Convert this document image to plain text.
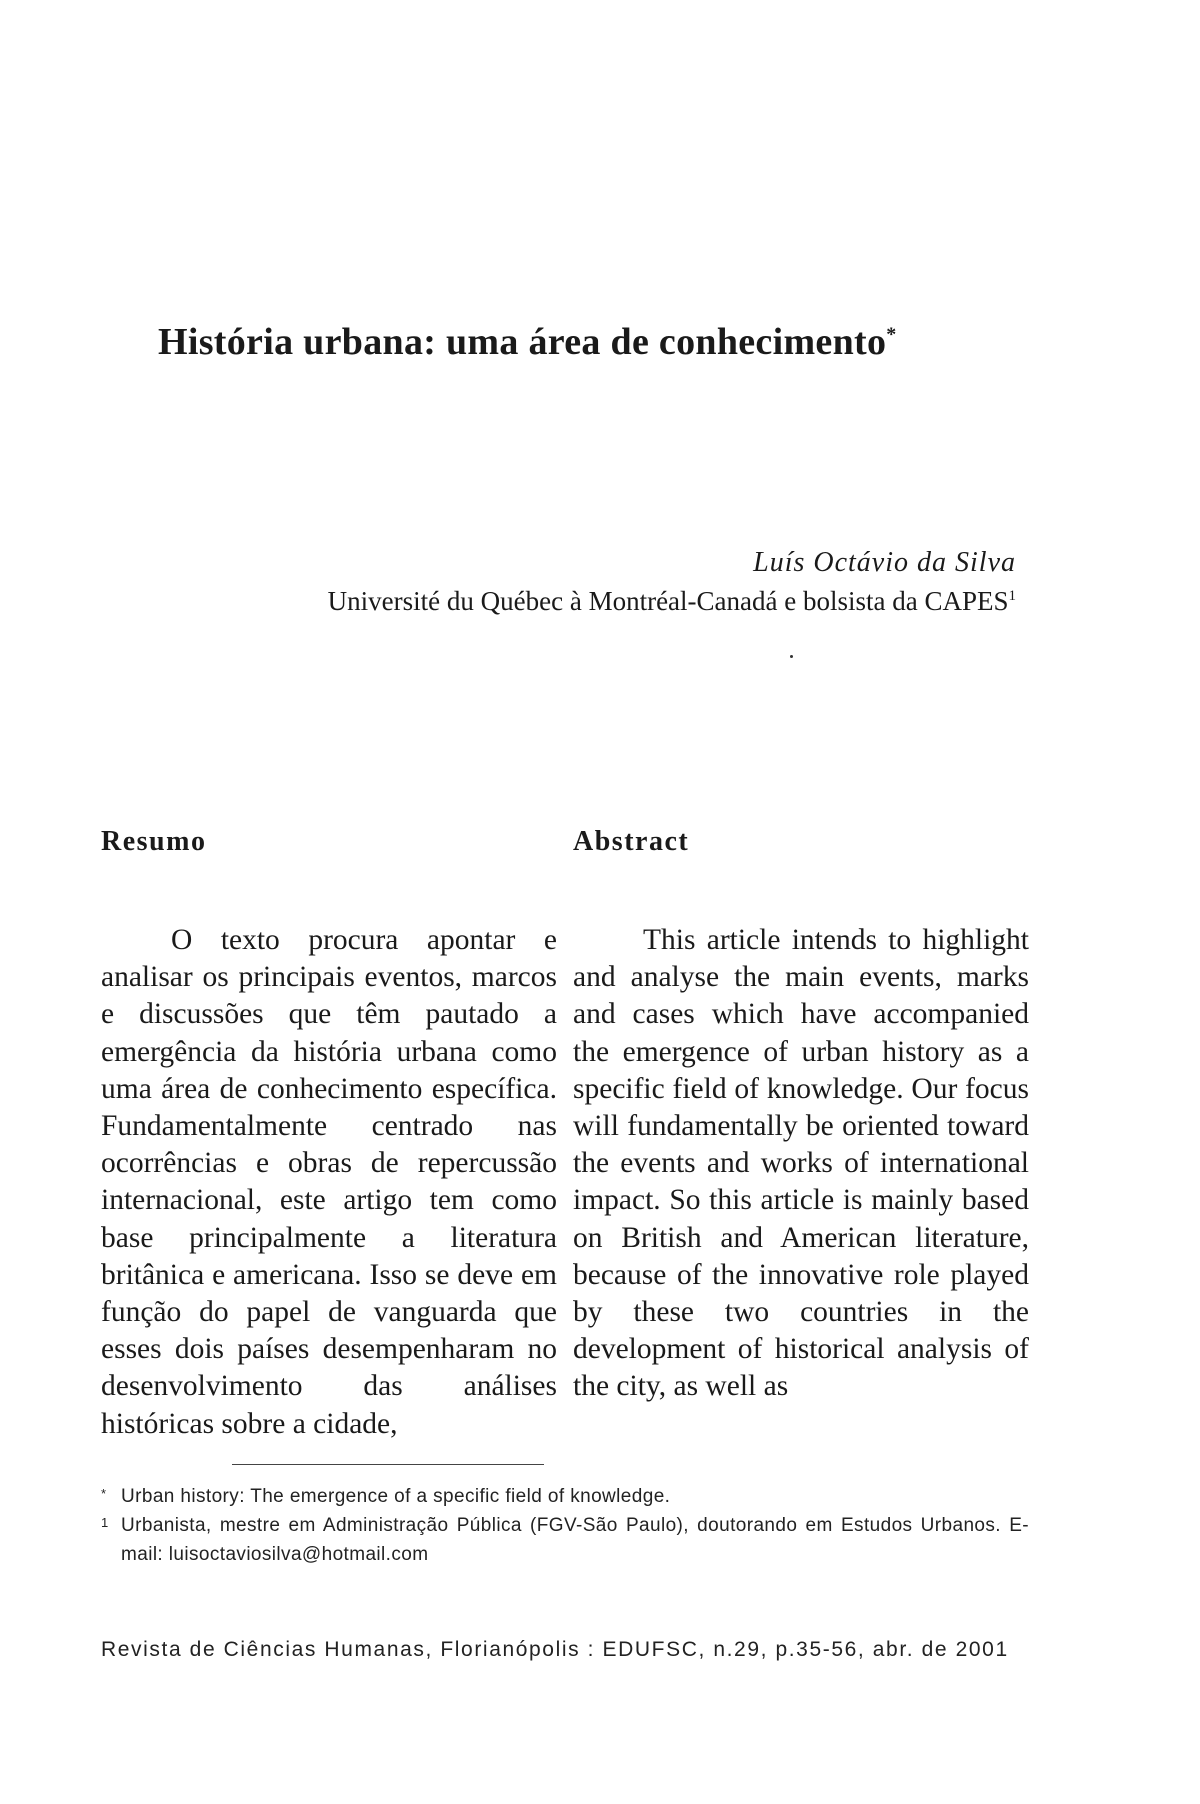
História urbana: uma área de conhecimento*
Luís Octávio da Silva
Université du Québec à Montréal-Canadá e bolsista da CAPES$^1$
Resumo

O texto procura apontar e analisar os principais eventos, marcos e discussões que têm pautado a emergência da história urbana como uma área de conhecimento específica. Fundamentalmente centrado nas ocorrências e obras de repercussão internacional, este artigo tem como base principalmente a literatura britânica e americana. Isso se deve em função do papel de vanguarda que esses dois países desempenharam no desenvolvimento das análises históricas sobre a cidade,

Abstract

This article intends to highlight and analyse the main events, marks and cases which have accompanied the emergence of urban history as a specific field of knowledge. Our focus will fundamentally be oriented toward the events and works of international impact. So this article is mainly based on British and American literature, because of the innovative role played by these two countries in the development of historical analysis of the city, as well as

* Urban history: The emergence of a specific field of knowledge.
1 Urbanista, mestre em Administração Pública (FGV-São Paulo), doutorando em Estudos Urbanos. E-mail: luisoctaviosilva@hotmail.com
Revista de Ciências Humanas, Florianópolis : EDUFSC, n.29, p.35-56, abr. de 2001
